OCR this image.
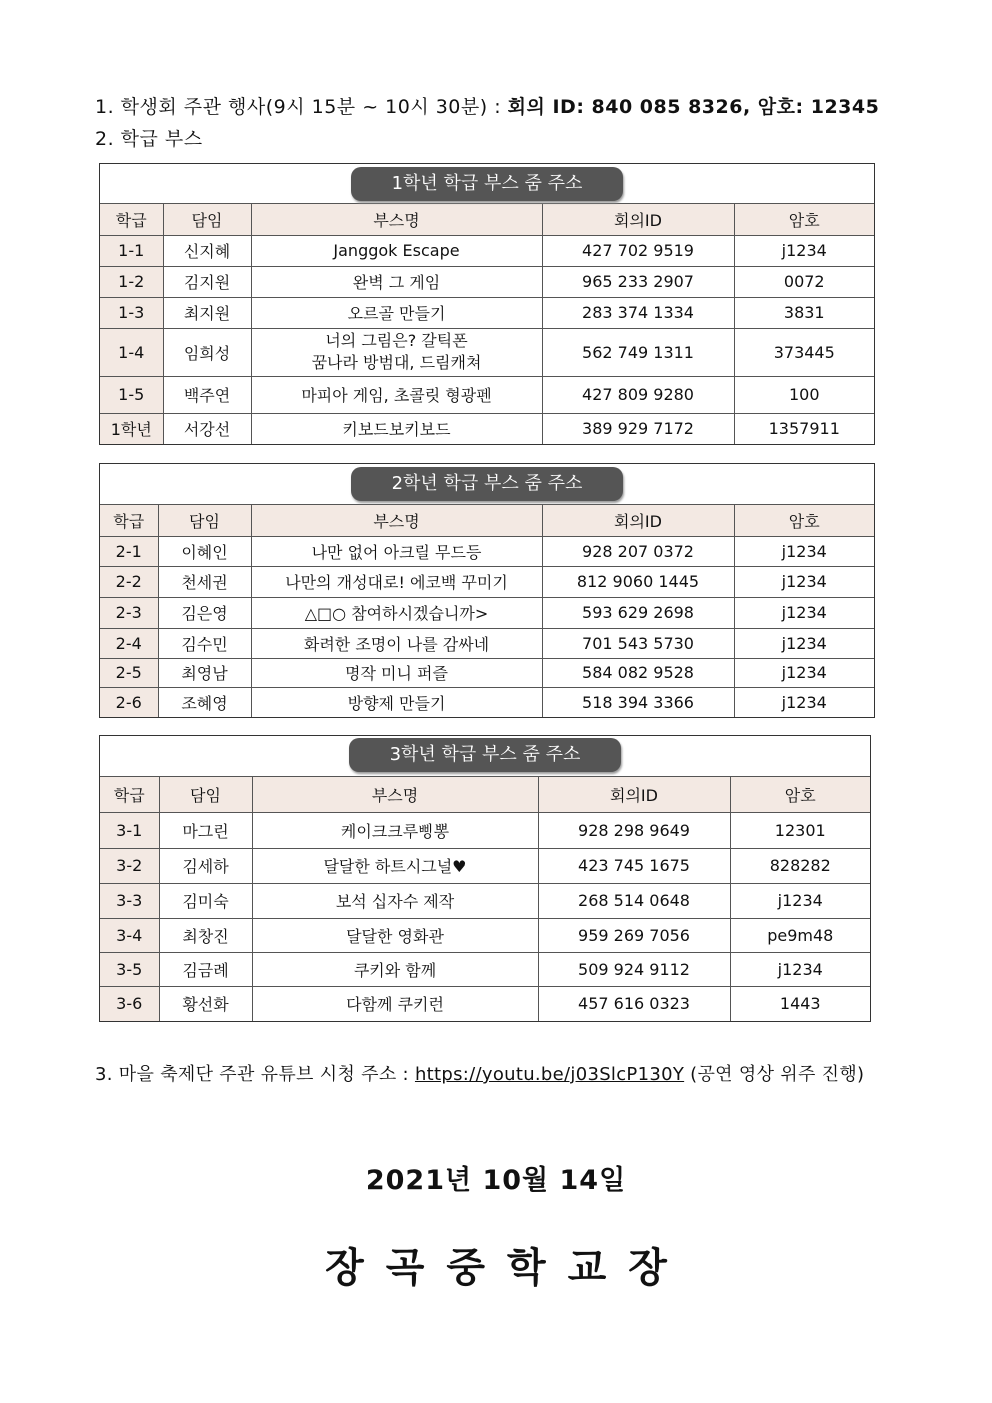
1. 학생회 주관 행사(9시 15분 ~ 10시 30분) : 회의 ID: 840 085 8326, 암호: 12345
2. 학급 부스
1학년 학급 부스 줌 주소
학급	담임	부스명	회의ID	암호
1-1	신지혜	Janggok Escape	427 702 9519	j1234
1-2	김지원	완벽 그 게임	965 233 2907	0072
1-3	최지원	오르골 만들기	283 374 1334	3831
1-4	임희성	너의 그림은? 갈틱폰
꿈나라 방범대, 드림캐쳐	562 749 1311	373445
1-5	백주연	마피아 게임, 초콜릿 형광펜	427 809 9280	100
1학년	서강선	키보드보키보드	389 929 7172	1357911
2학년 학급 부스 줌 주소
학급	담임	부스명	회의ID	암호
2-1	이혜인	나만 없어 아크릴 무드등	928 207 0372	j1234
2-2	천세권	나만의 개성대로! 에코백 꾸미기	812 9060 1445	j1234
2-3	김은영	△□○ 참여하시겠습니까>	593 629 2698	j1234
2-4	김수민	화려한 조명이 나를 감싸네	701 543 5730	j1234
2-5	최영남	명작 미니 퍼즐	584 082 9528	j1234
2-6	조혜영	방향제 만들기	518 394 3366	j1234
3학년 학급 부스 줌 주소
학급	담임	부스명	회의ID	암호
3-1	마그린	케이크크루삥뽕	928 298 9649	12301
3-2	김세하	달달한 하트시그널♥	423 745 1675	828282
3-3	김미숙	보석 십자수 제작	268 514 0648	j1234
3-4	최창진	달달한 영화관	959 269 7056	pe9m48
3-5	김금례	쿠키와 함께	509 924 9112	j1234
3-6	황선화	다함께 쿠키런	457 616 0323	1443
3. 마을 축제단 주관 유튜브 시청 주소 : https://youtu.be/j03SlcP130Y (공연 영상 위주 진행)
2021년 10월 14일
장곡중학교장
